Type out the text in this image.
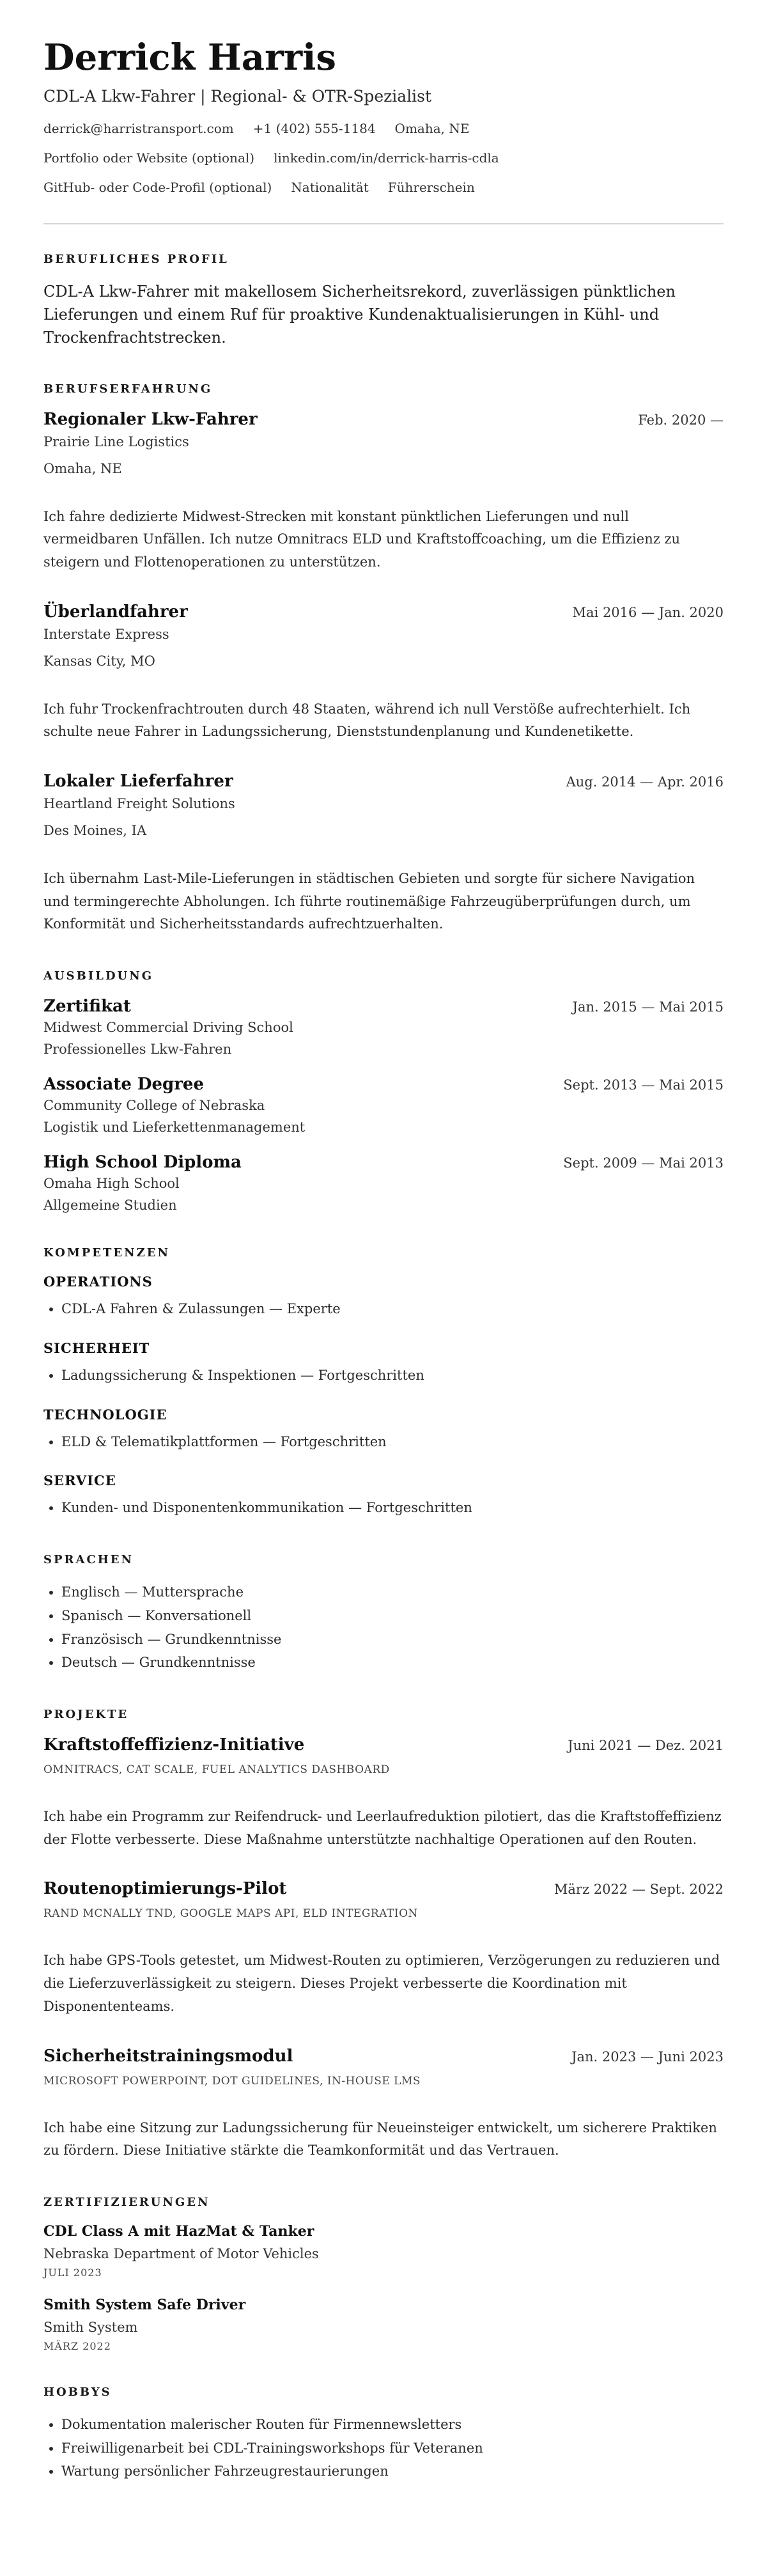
Derrick Harris
CDL-A Lkw-Fahrer | Regional- & OTR-Spezialist
derrick@harristransport.com +1 (402) 555-1184 Omaha, NE
Portfolio oder Website (optional) linkedin.com/in/derrick-harris-cdla
GitHub- oder Code-Profil (optional) Nationalität Führerschein
BERUFLICHES PROFIL

CDL-A Lkw-Fahrer mit makellosem Sicherheitsrekord, zuverlässigen pünktlichen Lieferungen und einem Ruf für proaktive Kundenaktualisierungen in Kühl- und Trockenfrachtstrecken.

BERUFSERFAHRUNG
Regionaler Lkw-Fahrer	Feb. 2020 —
Prairie Line Logistics
Omaha, NE
Ich fahre dedizierte Midwest-Strecken mit konstant pünktlichen Lieferungen und null vermeidbaren Unfällen. Ich nutze Omnitracs ELD und Kraftstoffcoaching, um die Effizienz zu steigern und Flottenoperationen zu unterstützen.
Überlandfahrer	Mai 2016 — Jan. 2020
Interstate Express
Kansas City, MO
Ich fuhr Trockenfrachtrouten durch 48 Staaten, während ich null Verstöße aufrechterhielt. Ich schulte neue Fahrer in Ladungssicherung, Dienststundenplanung und Kundenetikette.
Lokaler Lieferfahrer	Aug. 2014 — Apr. 2016
Heartland Freight Solutions
Des Moines, IA
Ich übernahm Last-Mile-Lieferungen in städtischen Gebieten und sorgte für sichere Navigation und termingerechte Abholungen. Ich führte routinemäßige Fahrzeugüberprüfungen durch, um Konformität und Sicherheitsstandards aufrechtzuerhalten.
AUSBILDUNG
Zertifikat	Jan. 2015 — Mai 2015
Midwest Commercial Driving School
Professionelles Lkw-Fahren
Associate Degree	Sept. 2013 — Mai 2015
Community College of Nebraska
Logistik und Lieferkettenmanagement
High School Diploma	Sept. 2009 — Mai 2013
Omaha High School
Allgemeine Studien
KOMPETENZEN
OPERATIONS
• CDL-A Fahren & Zulassungen — Experte
SICHERHEIT
• Ladungssicherung & Inspektionen — Fortgeschritten
TECHNOLOGIE
• ELD & Telematikplattformen — Fortgeschritten
SERVICE
• Kunden- und Disponentenkommunikation — Fortgeschritten
SPRACHEN
• Englisch — Muttersprache
• Spanisch — Konversationell
• Französisch — Grundkenntnisse
• Deutsch — Grundkenntnisse
PROJEKTE
Kraftstoffeffizienz-Initiative	Juni 2021 — Dez. 2021
OMNITRACS, CAT SCALE, FUEL ANALYTICS DASHBOARD
Ich habe ein Programm zur Reifendruck- und Leerlaufreduktion pilotiert, das die Kraftstoffeffizienz der Flotte verbesserte. Diese Maßnahme unterstützte nachhaltige Operationen auf den Routen.
Routenoptimierungs-Pilot	März 2022 — Sept. 2022
RAND MCNALLY TND, GOOGLE MAPS API, ELD INTEGRATION
Ich habe GPS-Tools getestet, um Midwest-Routen zu optimieren, Verzögerungen zu reduzieren und die Lieferzuverlässigkeit zu steigern. Dieses Projekt verbesserte die Koordination mit Disponententeams.
Sicherheitstrainingsmodul	Jan. 2023 — Juni 2023
MICROSOFT POWERPOINT, DOT GUIDELINES, IN-HOUSE LMS
Ich habe eine Sitzung zur Ladungssicherung für Neueinsteiger entwickelt, um sicherere Praktiken zu fördern. Diese Initiative stärkte die Teamkonformität und das Vertrauen.
ZERTIFIZIERUNGEN
CDL Class A mit HazMat & Tanker
Nebraska Department of Motor Vehicles
JULI 2023
Smith System Safe Driver
Smith System
MÄRZ 2022
HOBBYS
• Dokumentation malerischer Routen für Firmennewsletters
• Freiwilligenarbeit bei CDL-Trainingsworkshops für Veteranen
• Wartung persönlicher Fahrzeugrestaurierungen
